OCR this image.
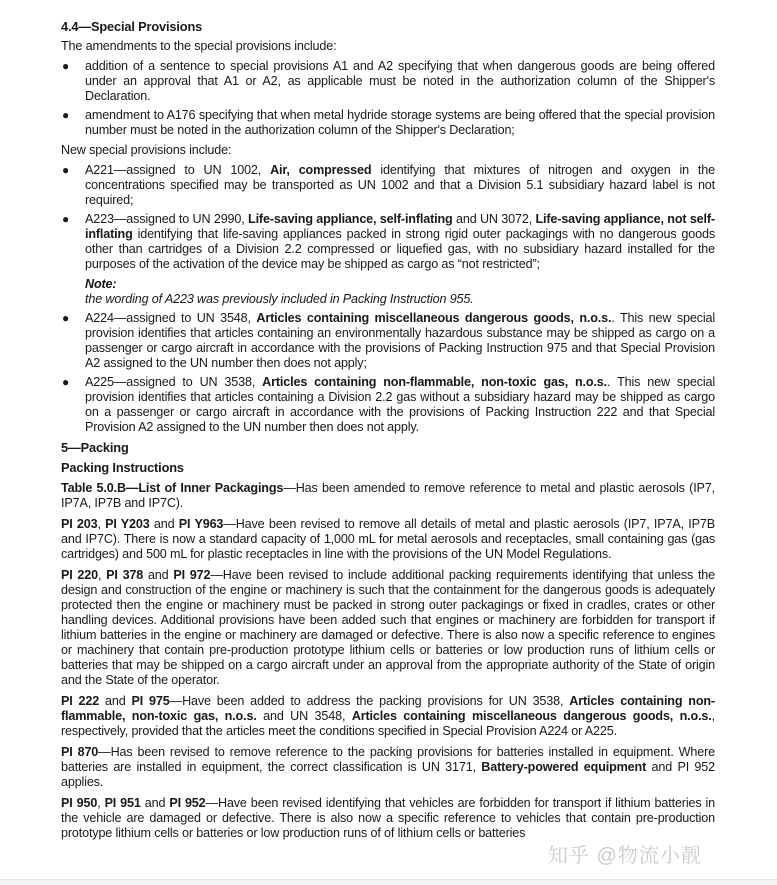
4.4—Special Provisions
The amendments to the special provisions include:
● addition of a sentence to special provisions A1 and A2 specifying that when dangerous goods are being offered under an approval that A1 or A2, as applicable must be noted in the authorization column of the Shipper's Declaration.
● amendment to A176 specifying that when metal hydride storage systems are being offered that the special provision number must be noted in the authorization column of the Shipper's Declaration;
New special provisions include:
● A221—assigned to UN 1002, Air, compressed identifying that mixtures of nitrogen and oxygen in the concentrations specified may be transported as UN 1002 and that a Division 5.1 subsidiary hazard label is not required;
● A223—assigned to UN 2990, Life-saving appliance, self-inflating and UN 3072, Life-saving appliance, not self-inflating identifying that life-saving appliances packed in strong rigid outer packagings with no dangerous goods other than cartridges of a Division 2.2 compressed or liquefied gas, with no subsidiary hazard installed for the purposes of the activation of the device may be shipped as cargo as “not restricted”;
Note:
the wording of A223 was previously included in Packing Instruction 955.
● A224—assigned to UN 3548, Articles containing miscellaneous dangerous goods, n.o.s.. This new special provision identifies that articles containing an environmentally hazardous substance may be shipped as cargo on a passenger or cargo aircraft in accordance with the provisions of Packing Instruction 975 and that Special Provision A2 assigned to the UN number then does not apply;
● A225—assigned to UN 3538, Articles containing non-flammable, non-toxic gas, n.o.s.. This new special provision identifies that articles containing a Division 2.2 gas without a subsidiary hazard may be shipped as cargo on a passenger or cargo aircraft in accordance with the provisions of Packing Instruction 222 and that Special Provision A2 assigned to the UN number then does not apply.
5—Packing
Packing Instructions
Table 5.0.B—List of Inner Packagings—Has been amended to remove reference to metal and plastic aerosols (IP7, IP7A, IP7B and IP7C).
PI 203, PI Y203 and PI Y963—Have been revised to remove all details of metal and plastic aerosols (IP7, IP7A, IP7B and IP7C). There is now a standard capacity of 1,000 mL for metal aerosols and receptacles, small containing gas (gas cartridges) and 500 mL for plastic receptacles in line with the provisions of the UN Model Regulations.
PI 220, PI 378 and PI 972—Have been revised to include additional packing requirements identifying that unless the design and construction of the engine or machinery is such that the containment for the dangerous goods is adequately protected then the engine or machinery must be packed in strong outer packagings or fixed in cradles, crates or other handling devices. Additional provisions have been added such that engines or machinery are forbidden for transport if lithium batteries in the engine or machinery are damaged or defective. There is also now a specific reference to engines or machinery that contain pre-production prototype lithium cells or batteries or low production runs of lithium cells or batteries that may be shipped on a cargo aircraft under an approval from the appropriate authority of the State of origin and the State of the operator.
PI 222 and PI 975—Have been added to address the packing provisions for UN 3538, Articles containing non-flammable, non-toxic gas, n.o.s. and UN 3548, Articles containing miscellaneous dangerous goods, n.o.s., respectively, provided that the articles meet the conditions specified in Special Provision A224 or A225.
PI 870—Has been revised to remove reference to the packing provisions for batteries installed in equipment. Where batteries are installed in equipment, the correct classification is UN 3171, Battery-powered equipment and PI 952 applies.
PI 950, PI 951 and PI 952—Have been revised identifying that vehicles are forbidden for transport if lithium batteries in the vehicle are damaged or defective. There is also now a specific reference to vehicles that contain pre-production prototype lithium cells or batteries or low production runs of of lithium cells or batteries
知乎 @物流小靓
